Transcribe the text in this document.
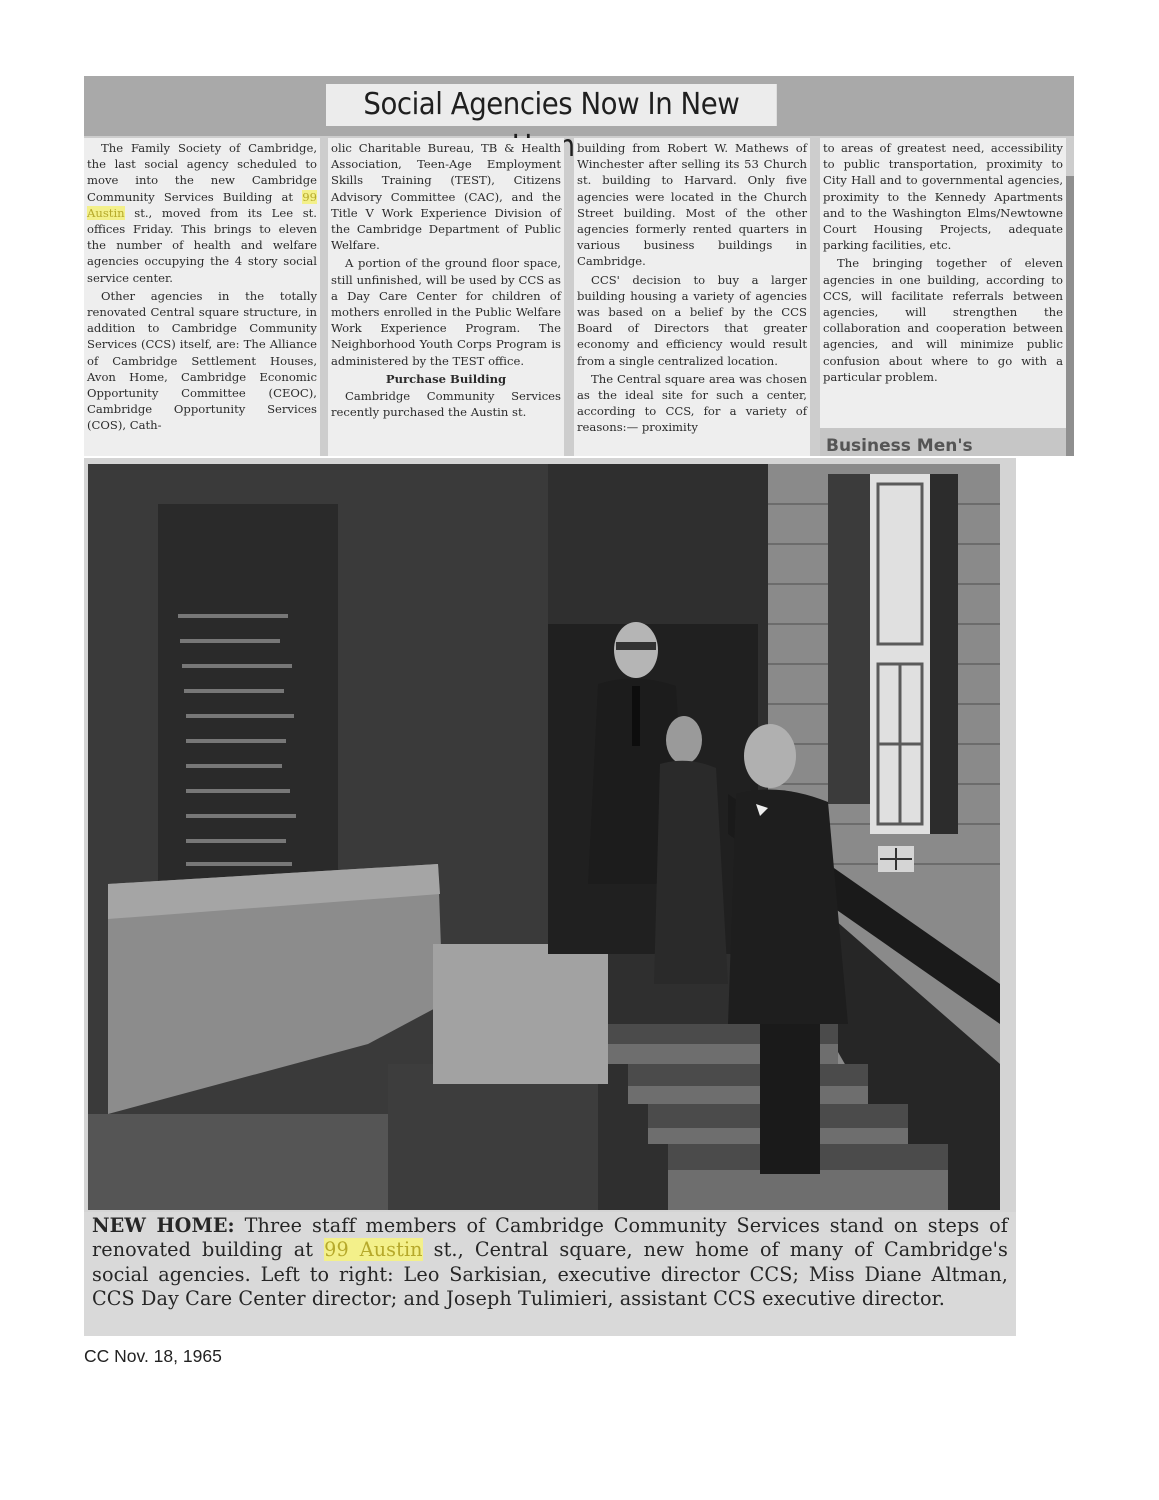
Social Agencies Now In New

The Family Society of Cambridge, the last social agency scheduled to move into the new Cambridge Community Services Building at 99 Austin st., moved from its Lee st. offices Friday. This brings to eleven the number of health and welfare agencies occupying the 4 story social service center.

Other agencies in the totally renovated Central square structure, in addition to Cambridge Community Services (CCS) itself, are: The Alliance of Cambridge Settlement Houses, Avon Home, Cambridge Economic Opportunity Committee (CEOC), Cambridge Opportunity Services (COS), Cath-

olic Charitable Bureau, TB & Health Association, Teen-Age Employment Skills Training (TEST), Citizens Advisory Committee (CAC), and the Title V Work Experience Division of the Cambridge Department of Public Welfare.

A portion of the ground floor space, still unfinished, will be used by CCS as a Day Care Center for children of mothers enrolled in the Public Welfare Work Experience Program. The Neighborhood Youth Corps Program is administered by the TEST office.

Purchase Building

Cambridge Community Services recently purchased the Austin st.

building from Robert W. Mathews of Winchester after selling its 53 Church st. building to Harvard. Only five agencies were located in the Church Street building. Most of the other agencies formerly rented quarters in various business buildings in Cambridge.

CCS' decision to buy a larger building housing a variety of agencies was based on a belief by the CCS Board of Directors that greater economy and efficiency would result from a single centralized location.

The Central square area was chosen as the ideal site for such a center, according to CCS, for a variety of reasons:— proximity

to areas of greatest need, accessibility to public transportation, proximity to City Hall and to governmental agencies, proximity to the Kennedy Apartments and to the Washington Elms/Newtowne Court Housing Projects, adequate parking facilities, etc.

The bringing together of eleven agencies in one building, according to CCS, will facilitate referrals between agencies, will strengthen the collaboration and cooperation between agencies, and will minimize public confusion about where to go with a particular problem.

Business Men's

NEW HOME: Three staff members of Cambridge Community Services stand on steps of renovated building at 99 Austin st., Central square, new home of many of Cambridge's social agencies. Left to right: Leo Sarkisian, executive director CCS; Miss Diane Altman, CCS Day Care Center director; and Joseph Tulimieri, assistant CCS executive director.

CC Nov. 18, 1965
